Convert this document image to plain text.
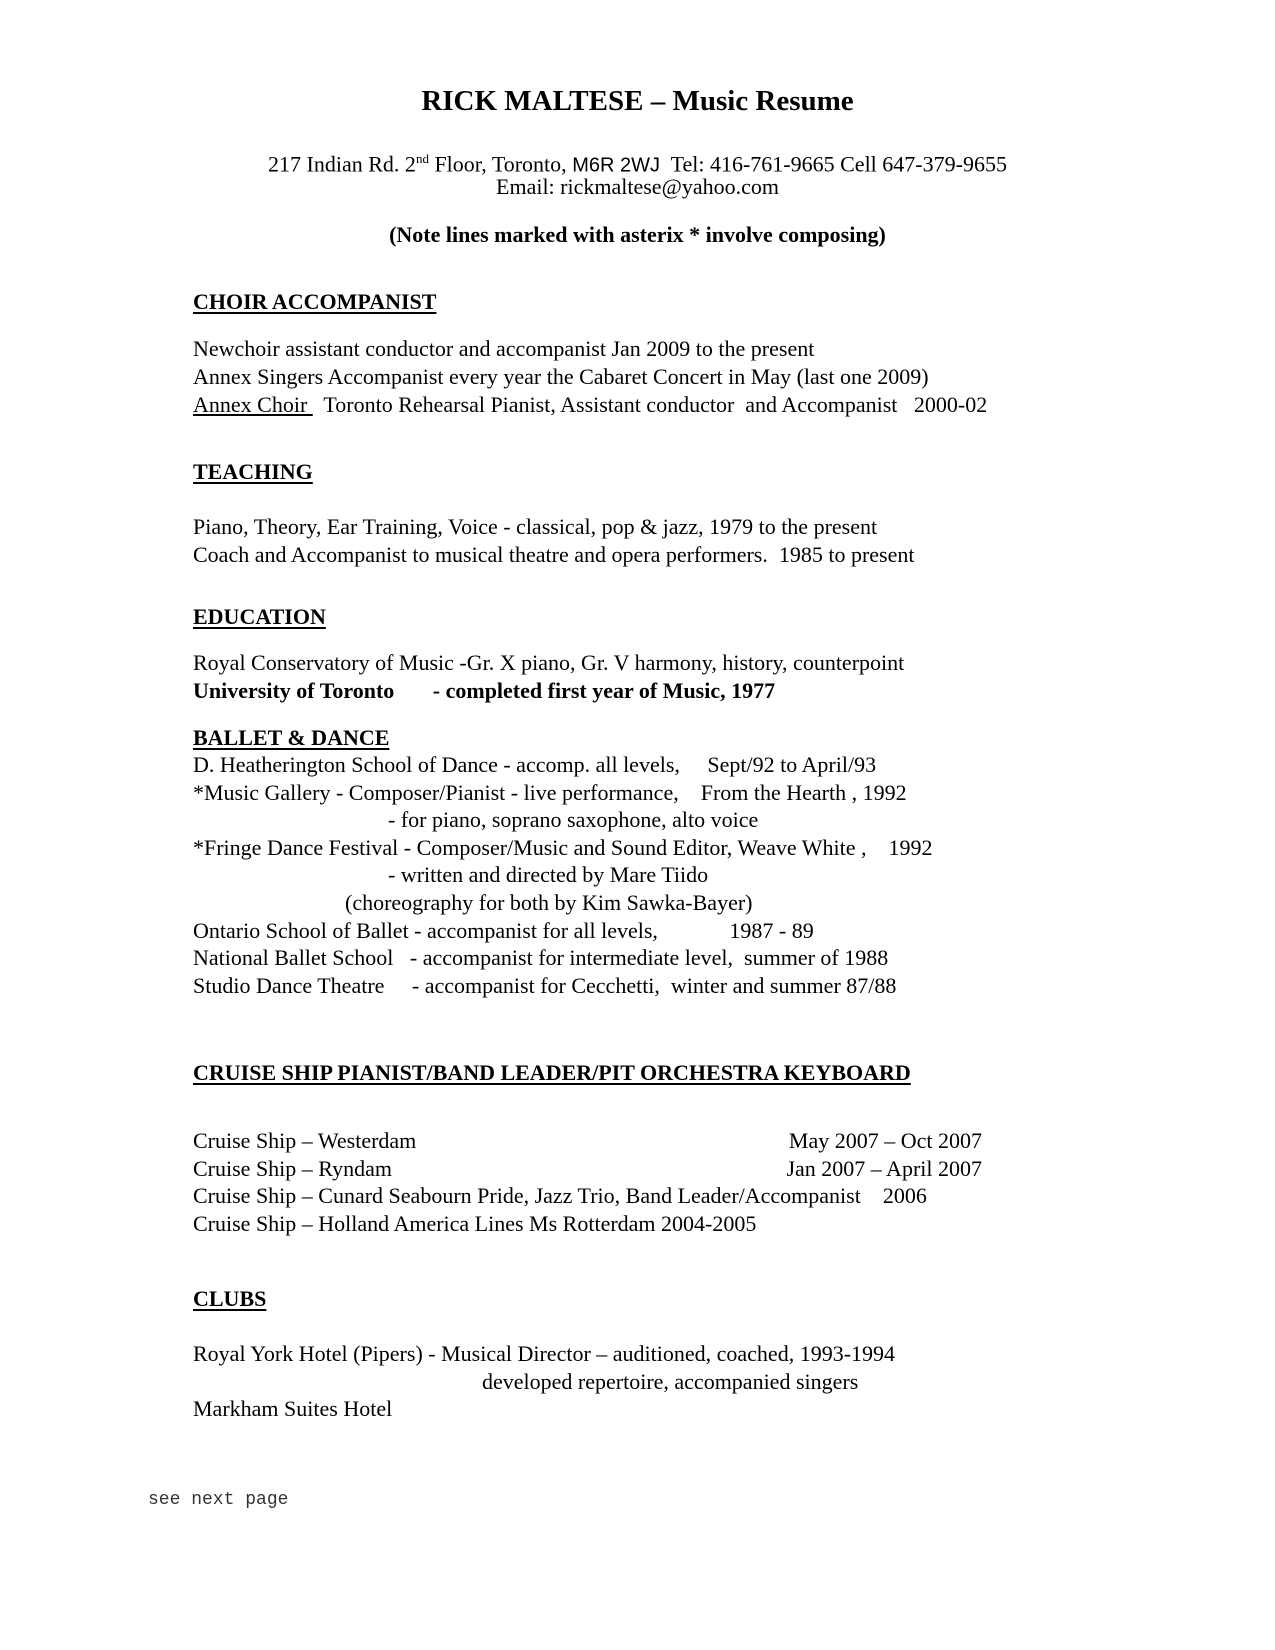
RICK MALTESE – Music Resume
217 Indian Rd. 2nd Floor, Toronto, M6R 2WJ  Tel: 416-761-9665 Cell 647-379-9655
Email: rickmaltese@yahoo.com
(Note lines marked with asterix * involve composing)
CHOIR ACCOMPANIST
Newchoir assistant conductor and accompanist Jan 2009 to the present
Annex Singers Accompanist every year the Cabaret Concert in May (last one 2009)
Annex Choir   Toronto Rehearsal Pianist, Assistant conductor  and Accompanist   2000-02
TEACHING
Piano, Theory, Ear Training, Voice - classical, pop & jazz, 1979 to the present
Coach and Accompanist to musical theatre and opera performers.  1985 to present
EDUCATION
Royal Conservatory of Music -Gr. X piano, Gr. V harmony, history, counterpoint
University of Toronto       - completed first year of Music, 1977
BALLET & DANCE
D. Heatherington School of Dance - accomp. all levels,     Sept/92 to April/93
*Music Gallery - Composer/Pianist - live performance,    From the Hearth , 1992
- for piano, soprano saxophone, alto voice
*Fringe Dance Festival - Composer/Music and Sound Editor, Weave White ,    1992
- written and directed by Mare Tiido
(choreography for both by Kim Sawka-Bayer)
Ontario School of Ballet - accompanist for all levels,             1987 - 89
National Ballet School   - accompanist for intermediate level,  summer of 1988
Studio Dance Theatre     - accompanist for Cecchetti,  winter and summer 87/88
CRUISE SHIP PIANIST/BAND LEADER/PIT ORCHESTRA KEYBOARD
Cruise Ship – Westerdam	May 2007 – Oct 2007
Cruise Ship – Ryndam	Jan 2007 – April 2007
Cruise Ship – Cunard Seabourn Pride, Jazz Trio, Band Leader/Accompanist    2006
Cruise Ship – Holland America Lines Ms Rotterdam 2004-2005
CLUBS
Royal York Hotel (Pipers) - Musical Director – auditioned, coached, 1993-1994
developed repertoire, accompanied singers
Markham Suites Hotel
see next page
